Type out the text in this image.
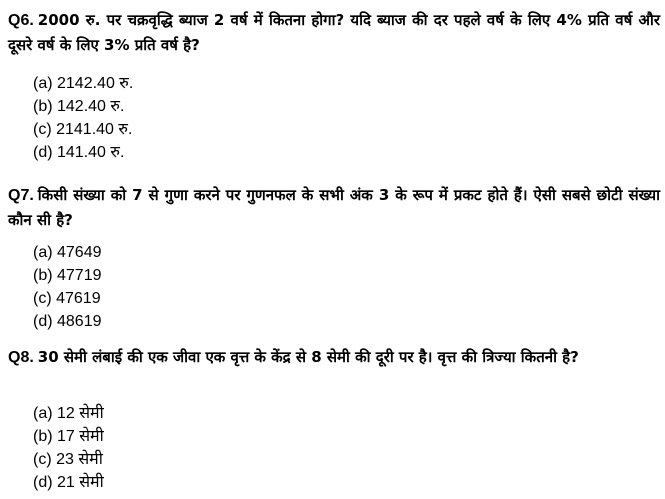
Q6. 2000 रु. पर चक्रवृद्धि ब्याज 2 वर्ष में कितना होगा? यदि ब्याज की दर पहले वर्ष के लिए 4% प्रति वर्ष और दूसरे वर्ष के लिए 3% प्रति वर्ष है?
(a) 2142.40 रु.
(b) 142.40 रु.
(c) 2141.40 रु.
(d) 141.40 रु.
Q7. किसी संख्या को 7 से गुणा करने पर गुणनफल के सभी अंक 3 के रूप में प्रकट होते हैं। ऐसी सबसे छोटी संख्या कौन सी है?
(a) 47649
(b) 47719
(c) 47619
(d) 48619
Q8. 30 सेमी लंबाई की एक जीवा एक वृत्त के केंद्र से 8 सेमी की दूरी पर है। वृत्त की त्रिज्या कितनी है?
(a) 12 सेमी
(b) 17 सेमी
(c) 23 सेमी
(d) 21 सेमी
